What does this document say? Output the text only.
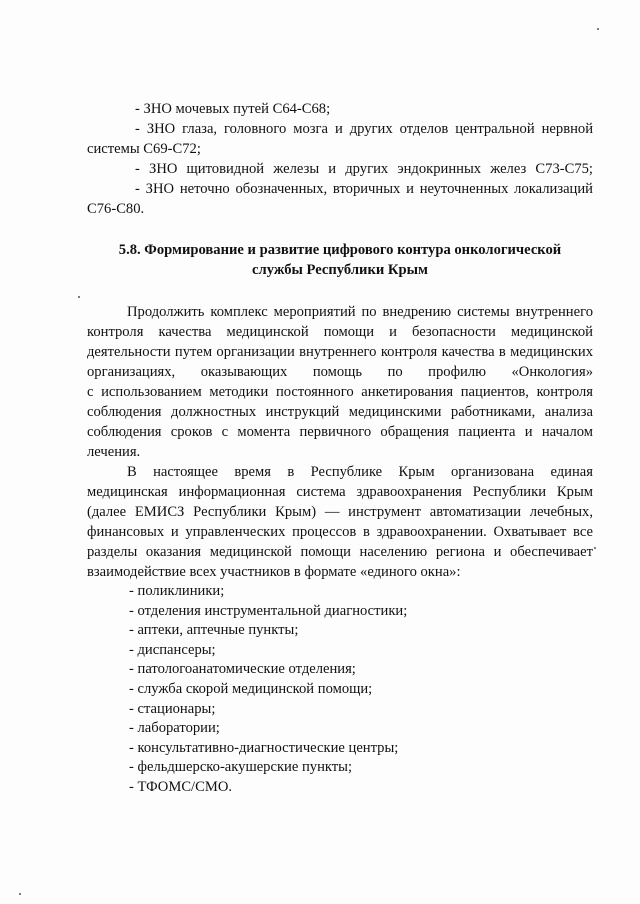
- ЗНО мочевых путей С64-С68;

- ЗНО глаза, головного мозга и других отделов центральной нервной

системы С69-С72;

- ЗНО щитовидной железы и других эндокринных желез С73-С75;

- ЗНО неточно обозначенных, вторичных и неуточненных локализаций

С76-С80.

5.8. Формирование и развитие цифрового контура онкологической

службы Республики Крым

Продолжить комплекс мероприятий по внедрению системы внутреннего

контроля качества медицинской помощи и безопасности медицинской

деятельности путем организации внутреннего контроля качества в медицинских

организациях, оказывающих помощь по профилю «Онкология»

с использованием методики постоянного анкетирования пациентов, контроля

соблюдения должностных инструкций медицинскими работниками, анализа

соблюдения сроков с момента первичного обращения пациента и началом

лечения.

В настоящее время в Республике Крым организована единая

медицинская информационная система здравоохранения Республики Крым

(далее ЕМИСЗ Республики Крым) — инструмент автоматизации лечебных,

финансовых и управленческих процессов в здравоохранении. Охватывает все

разделы оказания медицинской помощи населению региона и обеспечивает

взаимодействие всех участников в формате «единого окна»:

- поликлиники;

- отделения инструментальной диагностики;

- аптеки, аптечные пункты;

- диспансеры;

- патологоанатомические отделения;

- служба скорой медицинской помощи;

- стационары;

- лаборатории;

- консультативно-диагностические центры;

- фельдшерско-акушерские пункты;

- ТФОМС/СМО.
